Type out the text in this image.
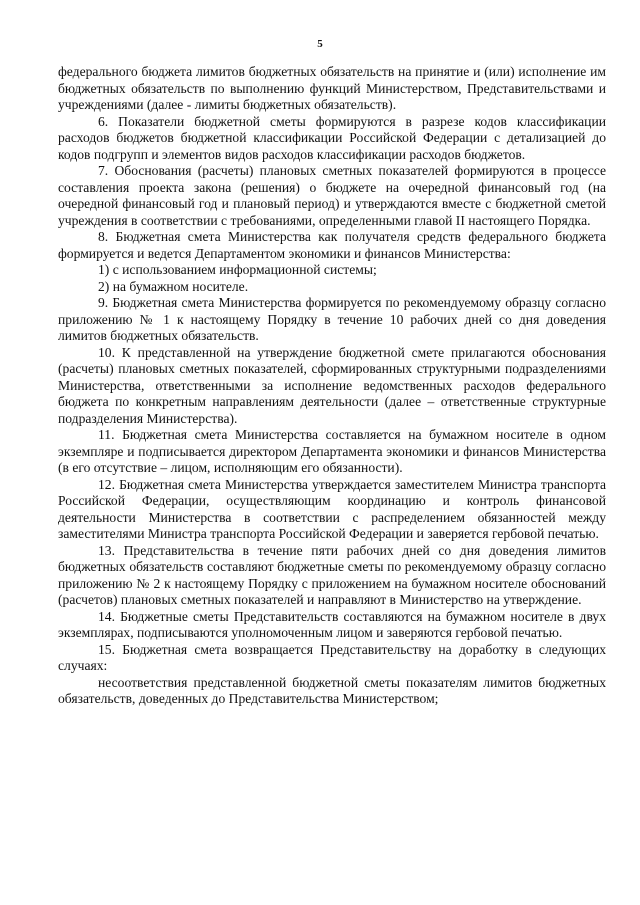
5

федерального бюджета лимитов бюджетных обязательств на принятие и (или) исполнение им бюджетных обязательств по выполнению функций Министерством, Представительствами и учреждениями (далее - лимиты бюджетных обязательств).

6. Показатели бюджетной сметы формируются в разрезе кодов классификации расходов бюджетов бюджетной классификации Российской Федерации с детализацией до кодов подгрупп и элементов видов расходов классификации расходов бюджетов.

7. Обоснования (расчеты) плановых сметных показателей формируются в процессе составления проекта закона (решения) о бюджете на очередной финансовый год (на очередной финансовый год и плановый период) и утверждаются вместе с бюджетной сметой учреждения в соответствии с требованиями, определенными главой II настоящего Порядка.

8. Бюджетная смета Министерства как получателя средств федерального бюджета формируется и ведется Департаментом экономики и финансов Министерства:

1) с использованием информационной системы;

2) на бумажном носителе.

9. Бюджетная смета Министерства формируется по рекомендуемому образцу согласно приложению № 1 к настоящему Порядку в течение 10 рабочих дней со дня доведения лимитов бюджетных обязательств.

10. К представленной на утверждение бюджетной смете прилагаются обоснования (расчеты) плановых сметных показателей, сформированных структурными подразделениями Министерства, ответственными за исполнение ведомственных расходов федерального бюджета по конкретным направлениям деятельности (далее – ответственные структурные подразделения Министерства).

11. Бюджетная смета Министерства составляется на бумажном носителе в одном экземпляре и подписывается директором Департамента экономики и финансов Министерства (в его отсутствие – лицом, исполняющим его обязанности).

12. Бюджетная смета Министерства утверждается заместителем Министра транспорта Российской Федерации, осуществляющим координацию и контроль финансовой деятельности Министерства в соответствии с распределением обязанностей между заместителями Министра транспорта Российской Федерации и заверяется гербовой печатью.

13. Представительства в течение пяти рабочих дней со дня доведения лимитов бюджетных обязательств составляют бюджетные сметы по рекомендуемому образцу согласно приложению № 2 к настоящему Порядку с приложением на бумажном носителе обоснований (расчетов) плановых сметных показателей и направляют в Министерство на утверждение.

14. Бюджетные сметы Представительств составляются на бумажном носителе в двух экземплярах, подписываются уполномоченным лицом и заверяются гербовой печатью.

15. Бюджетная смета возвращается Представительству на доработку в следующих случаях:

несоответствия представленной бюджетной сметы показателям лимитов бюджетных обязательств, доведенных до Представительства Министерством;
